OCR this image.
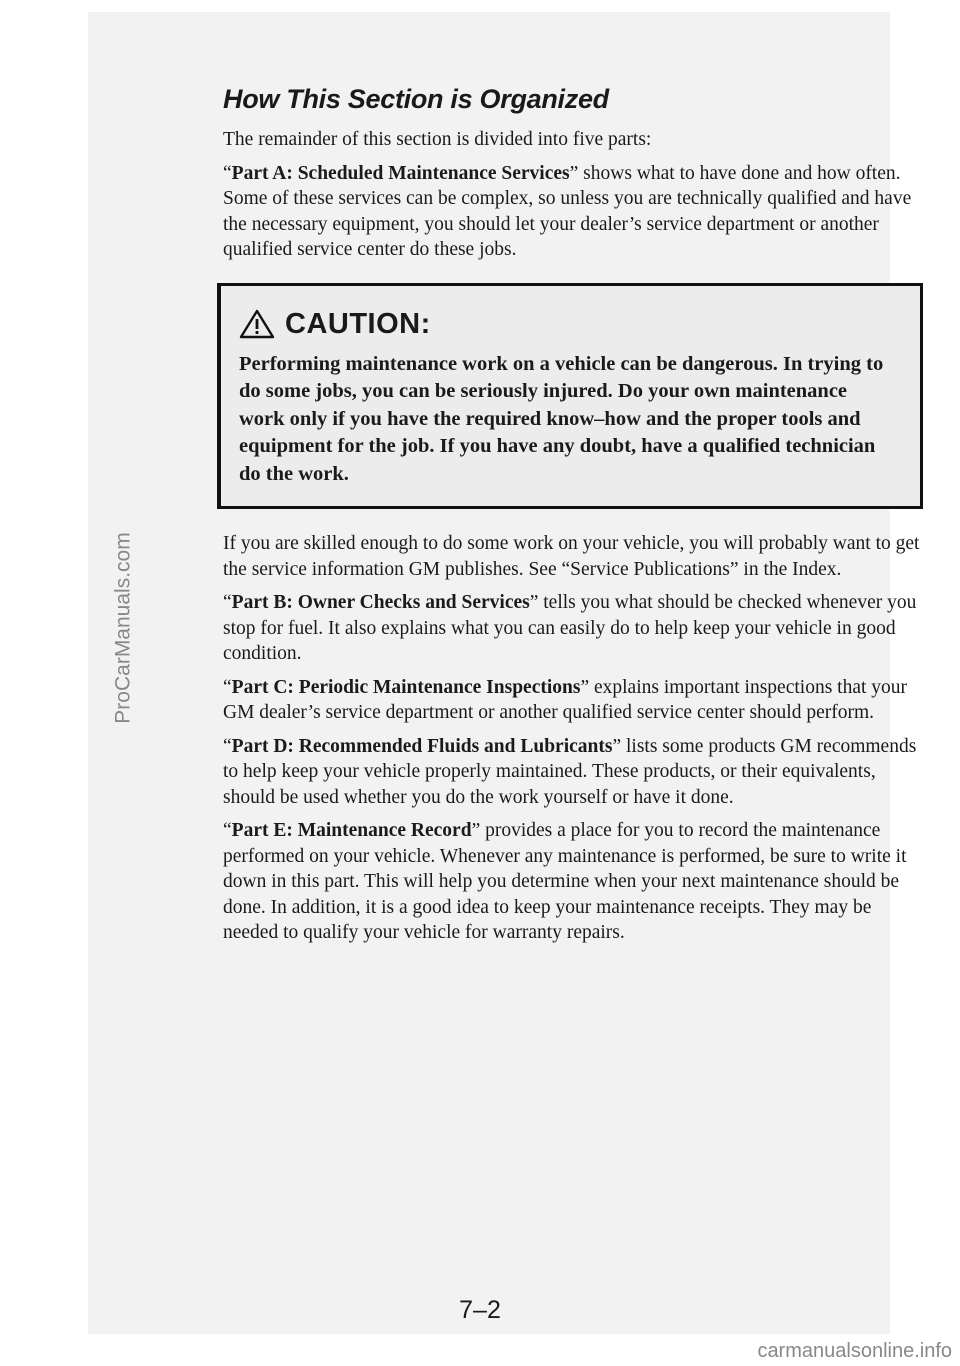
How This Section is Organized

The remainder of this section is divided into five parts:

“Part A: Scheduled Maintenance Services” shows what to have done and how often. Some of these services can be complex, so unless you are technically qualified and have the necessary equipment, you should let your dealer’s service department or another qualified service center do these jobs.

CAUTION:
Performing maintenance work on a vehicle can be dangerous. In trying to do some jobs, you can be seriously injured. Do your own maintenance work only if you have the required know–how and the proper tools and equipment for the job. If you have any doubt, have a qualified technician do the work.

If you are skilled enough to do some work on your vehicle, you will probably want to get the service information GM publishes. See “Service Publications” in the Index.

“Part B: Owner Checks and Services” tells you what should be checked whenever you stop for fuel. It also explains what you can easily do to help keep your vehicle in good condition.

“Part C: Periodic Maintenance Inspections” explains important inspections that your GM dealer’s service department or another qualified service center should perform.

“Part D: Recommended Fluids and Lubricants” lists some products GM recommends to help keep your vehicle properly maintained. These products, or their equivalents, should be used whether you do the work yourself or have it done.

“Part E: Maintenance Record” provides a place for you to record the maintenance performed on your vehicle. Whenever any maintenance is performed, be sure to write it down in this part. This will help you determine when your next maintenance should be done. In addition, it is a good idea to keep your maintenance receipts. They may be needed to qualify your vehicle for warranty repairs.

7–2
ProCarManuals.com
carmanualsonline.info
